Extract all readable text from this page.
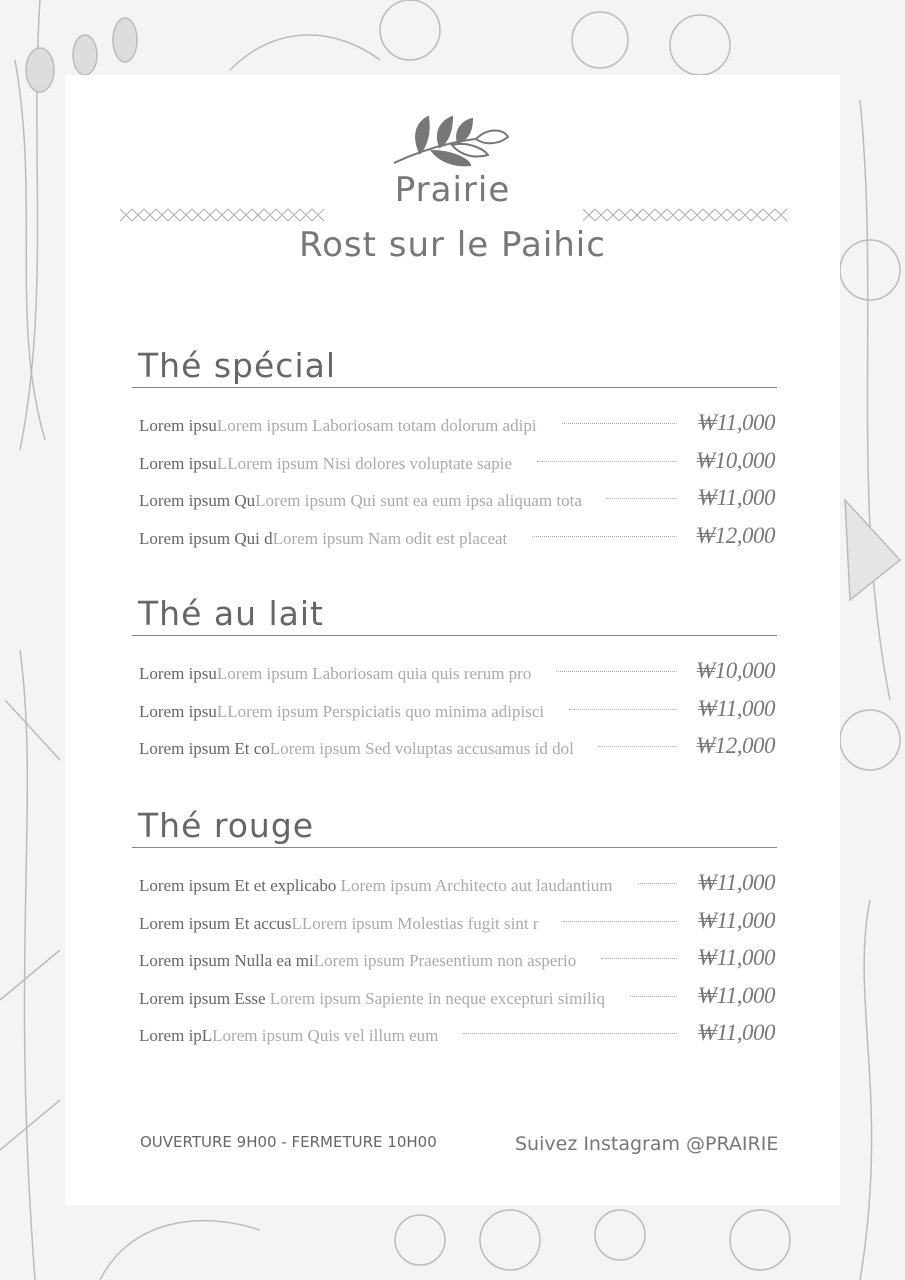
Prairie
Rost sur le Paihic
Thé spécial
Lorem ipsuLorem ipsum Laboriosam totam dolorum adipi	₩11,000
Lorem ipsuLLorem ipsum Nisi dolores voluptate sapie	₩10,000
Lorem ipsum QuLorem ipsum Qui sunt ea eum ipsa aliquam tota	₩11,000
Lorem ipsum Qui dLorem ipsum Nam odit est placeat	₩12,000
Thé au lait
Lorem ipsuLorem ipsum Laboriosam quia quis rerum pro	₩10,000
Lorem ipsuLLorem ipsum Perspiciatis quo minima adipisci	₩11,000
Lorem ipsum Et coLorem ipsum Sed voluptas accusamus id dol	₩12,000
Thé rouge
Lorem ipsum Et et explicabo Lorem ipsum Architecto aut laudantium	₩11,000
Lorem ipsum Et accusLLorem ipsum Molestias fugit sint r	₩11,000
Lorem ipsum Nulla ea miLorem ipsum Praesentium non asperio	₩11,000
Lorem ipsum Esse Lorem ipsum Sapiente in neque excepturi similiq	₩11,000
Lorem ipLLorem ipsum Quis vel illum eum	₩11,000
OUVERTURE 9H00 - FERMETURE 10H00	Suivez Instagram @PRAIRIE
